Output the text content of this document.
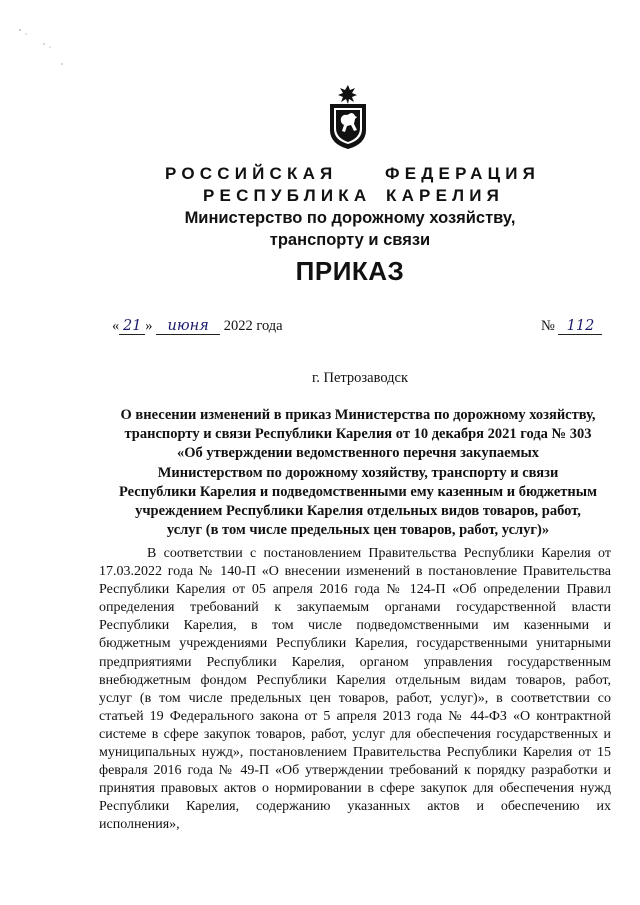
РОССИЙСКАЯ	ФЕДЕРАЦИЯ
РЕСПУБЛИКА КАРЕЛИЯ
Министерство по дорожному хозяйству,
транспорту и связи
ПРИКАЗ
« 21 » июня 2022 года	№ 112
г. Петрозаводск
О внесении изменений в приказ Министерства по дорожному хозяйству,
транспорту и связи Республики Карелия от 10 декабря 2021 года № 303
«Об утверждении ведомственного перечня закупаемых
Министерством по дорожному хозяйству, транспорту и связи
Республики Карелия и подведомственными ему казенным и бюджетным
учреждением Республики Карелия отдельных видов товаров, работ,
услуг (в том числе предельных цен товаров, работ, услуг)»
В соответствии с постановлением Правительства Республики Карелия от
17.03.2022 года № 140-П «О внесении изменений в постановление Правительства
Республики Карелия от 05 апреля 2016 года № 124-П «Об определении Правил
определения требований к закупаемым органами государственной власти
Республики Карелия, в том числе подведомственными им казенными и
бюджетным учреждениями Республики Карелия, государственными унитарными
предприятиями Республики Карелия, органом управления государственным
внебюджетным фондом Республики Карелия отдельным видам товаров, работ,
услуг (в том числе предельных цен товаров, работ, услуг)», в соответствии со
статьей 19 Федерального закона от 5 апреля 2013 года № 44-ФЗ «О контрактной
системе в сфере закупок товаров, работ, услуг для обеспечения государственных и
муниципальных нужд», постановлением Правительства Республики Карелия от 15
февраля 2016 года № 49-П «Об утверждении требований к порядку разработки и
принятия правовых актов о нормировании в сфере закупок для обеспечения нужд
Республики Карелия, содержанию указанных актов и обеспечению их
исполнения»,
